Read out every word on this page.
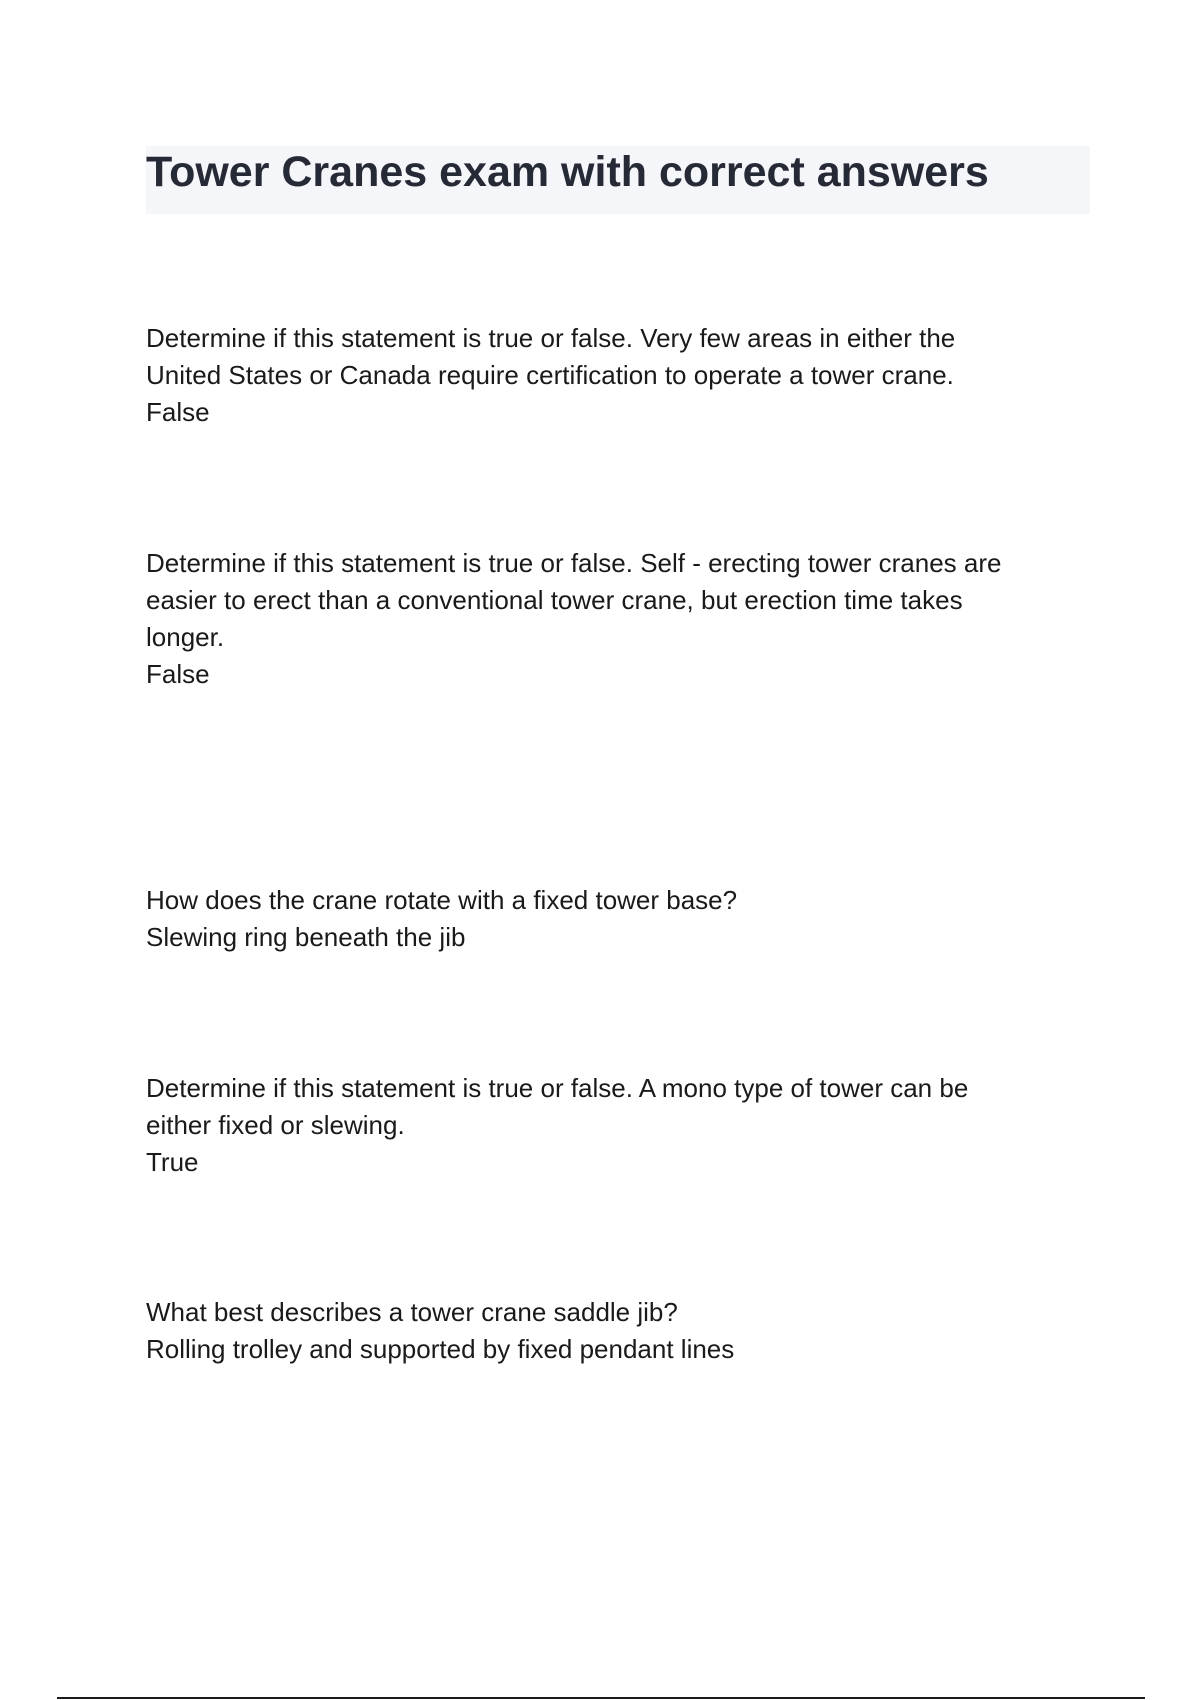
Tower Cranes exam with correct answers
Determine if this statement is true or false. Very few areas in either the
United States or Canada require certification to operate a tower crane.
False
Determine if this statement is true or false. Self - erecting tower cranes are
easier to erect than a conventional tower crane, but erection time takes
longer.
False
How does the crane rotate with a fixed tower base?
Slewing ring beneath the jib
Determine if this statement is true or false. A mono type of tower can be
either fixed or slewing.
True
What best describes a tower crane saddle jib?
Rolling trolley and supported by fixed pendant lines
